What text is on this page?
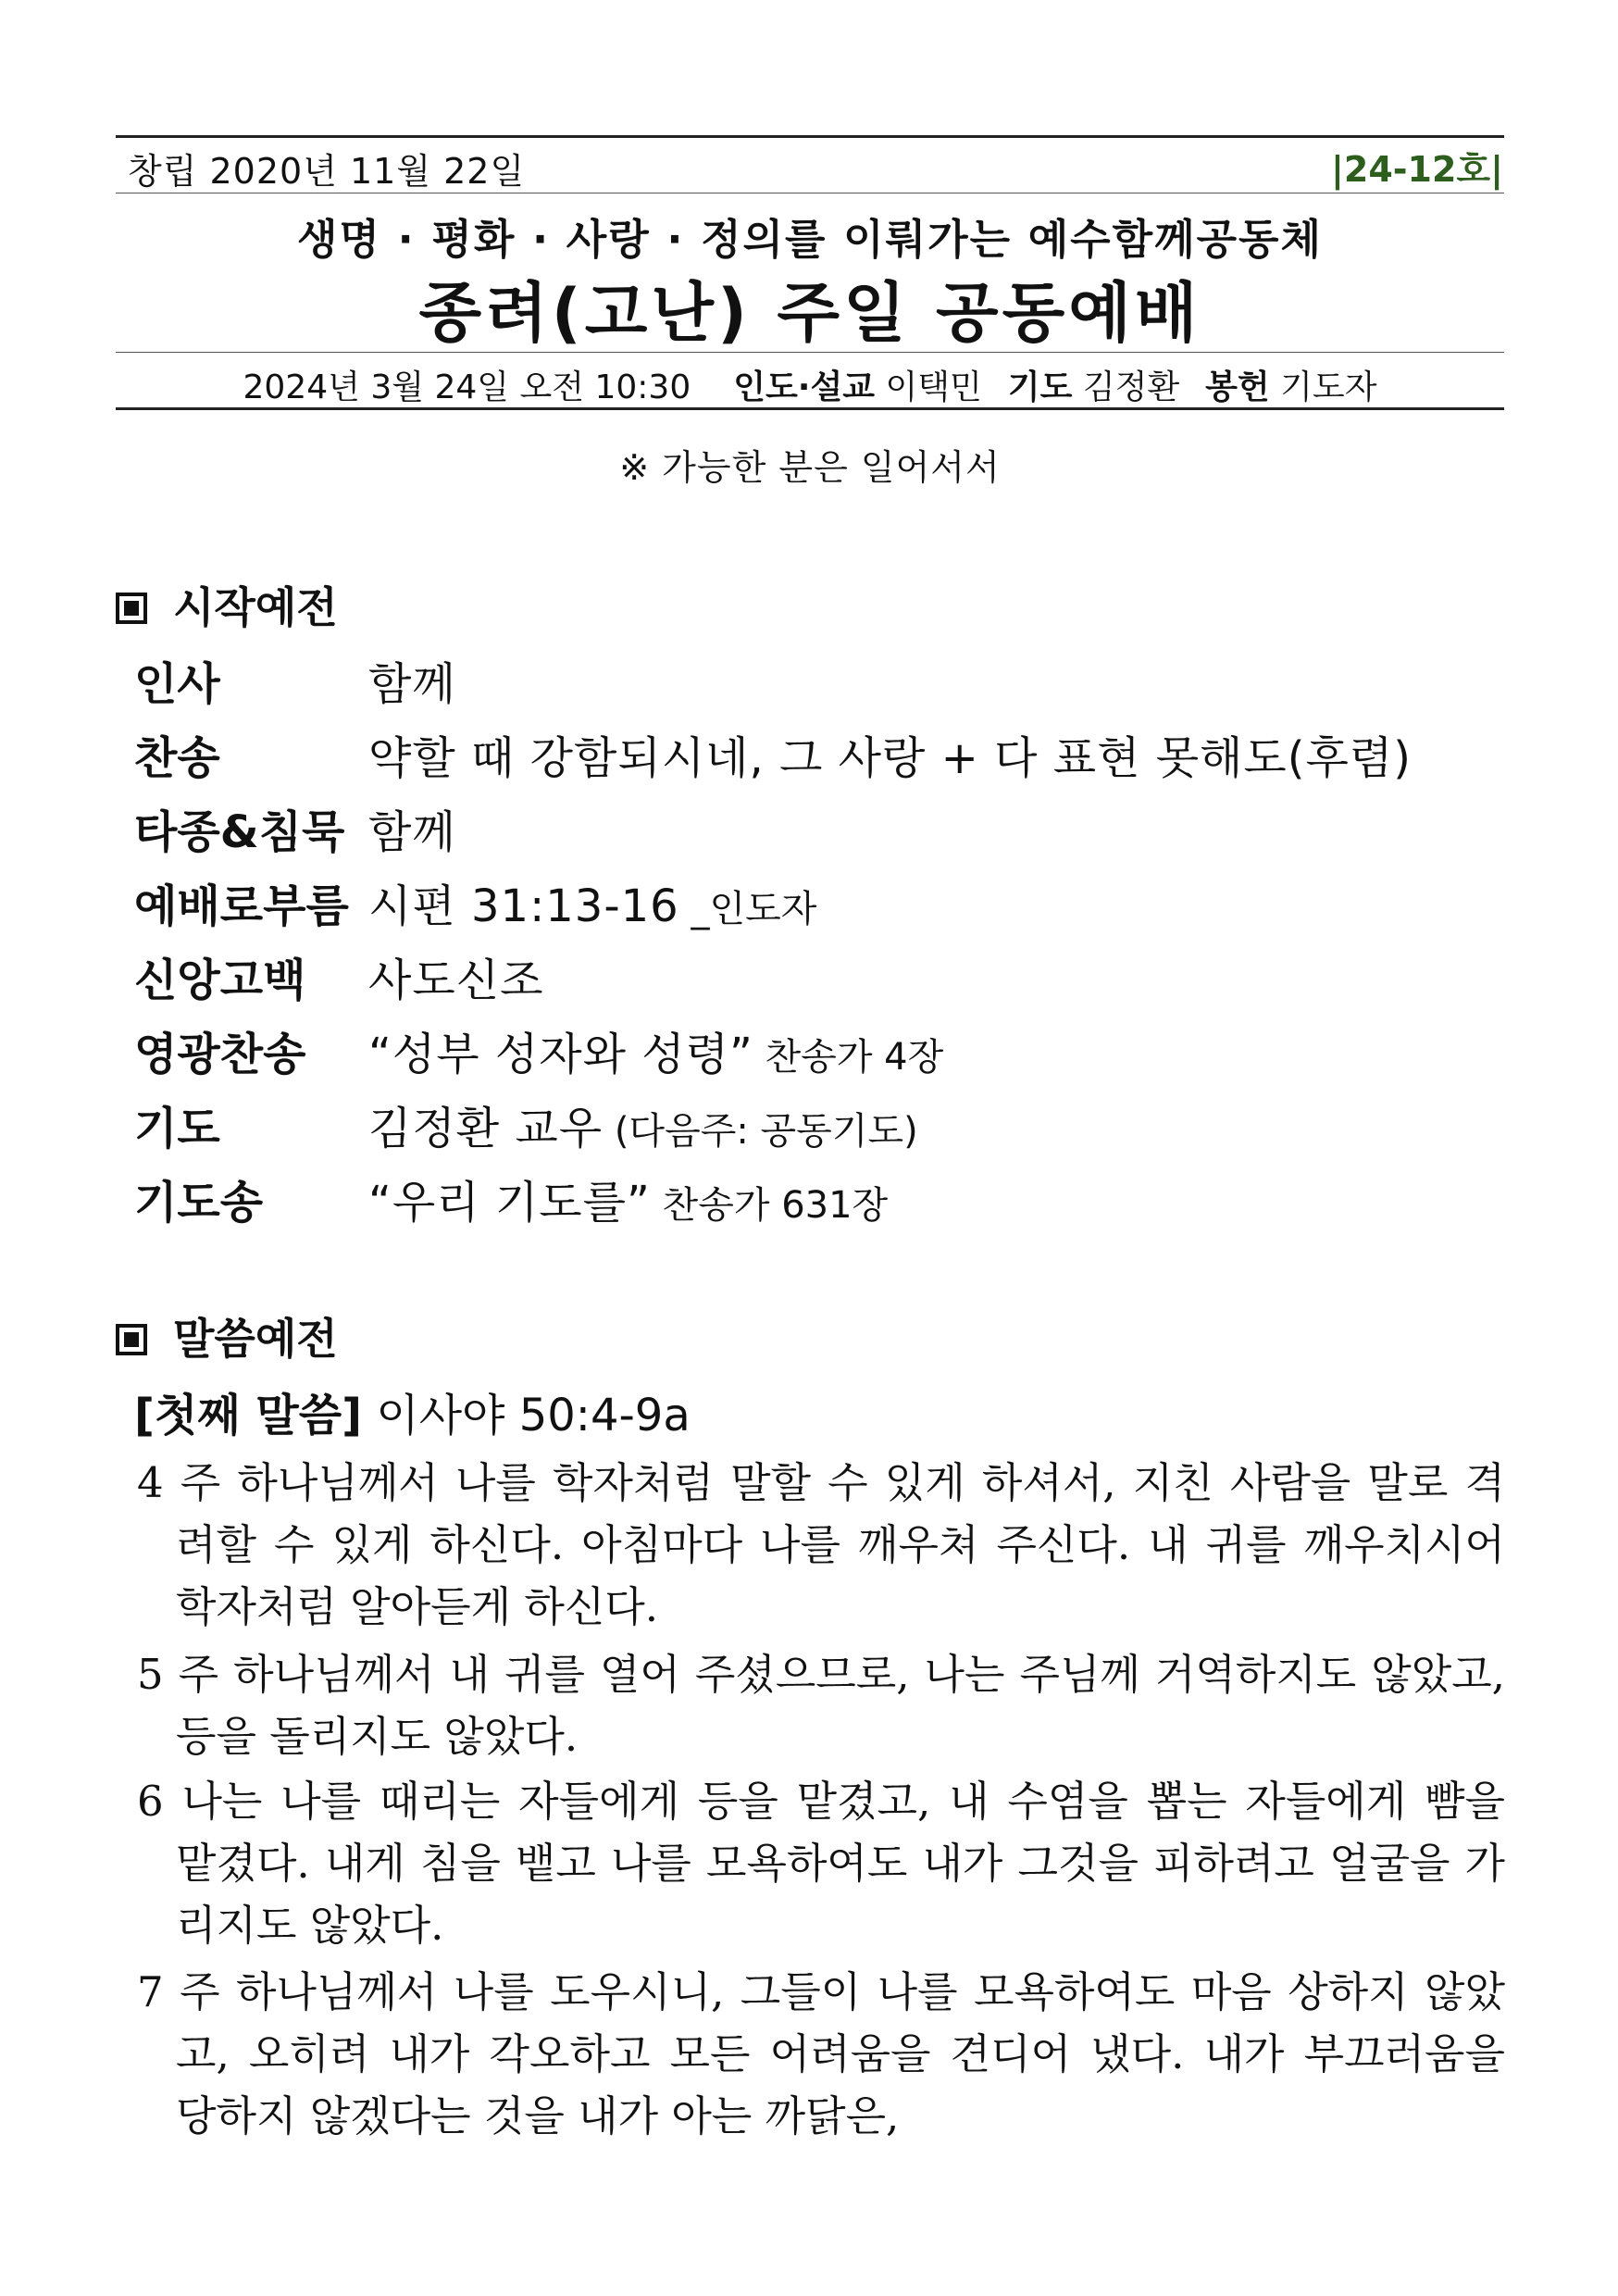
창립 2020년 11월 22일	|24-12호|
생명 · 평화 · 사랑 · 정의를 이뤄가는 예수함께공동체
종려(고난) 주일 공동예배
2024년 3월 24일 오전 10:30 인도·설교 이택민 기도 김정환 봉헌 기도자
※ 가능한 분은 일어서서
시작예전
인사	함께
찬송	약할 때 강함되시네, 그 사랑 + 다 표현 못해도(후렴)
타종&침묵 함께
예배로부름 시편 31:13-16 _인도자
신앙고백 사도신조
영광찬송 “성부 성자와 성령” 찬송가 4장
기도	김정환 교우 (다음주: 공동기도)
기도송 “우리 기도를” 찬송가 631장
말씀예전
[첫째 말씀] 이사야 50:4-9a
4 주 하나님께서 나를 학자처럼 말할 수 있게 하셔서, 지친 사람을 말로 격
려할 수 있게 하신다. 아침마다 나를 깨우쳐 주신다. 내 귀를 깨우치시어
학자처럼 알아듣게 하신다.
5 주 하나님께서 내 귀를 열어 주셨으므로, 나는 주님께 거역하지도 않았고,
등을 돌리지도 않았다.
6 나는 나를 때리는 자들에게 등을 맡겼고, 내 수염을 뽑는 자들에게 뺨을
맡겼다. 내게 침을 뱉고 나를 모욕하여도 내가 그것을 피하려고 얼굴을 가
리지도 않았다.
7 주 하나님께서 나를 도우시니, 그들이 나를 모욕하여도 마음 상하지 않았
고, 오히려 내가 각오하고 모든 어려움을 견디어 냈다. 내가 부끄러움을
당하지 않겠다는 것을 내가 아는 까닭은,
